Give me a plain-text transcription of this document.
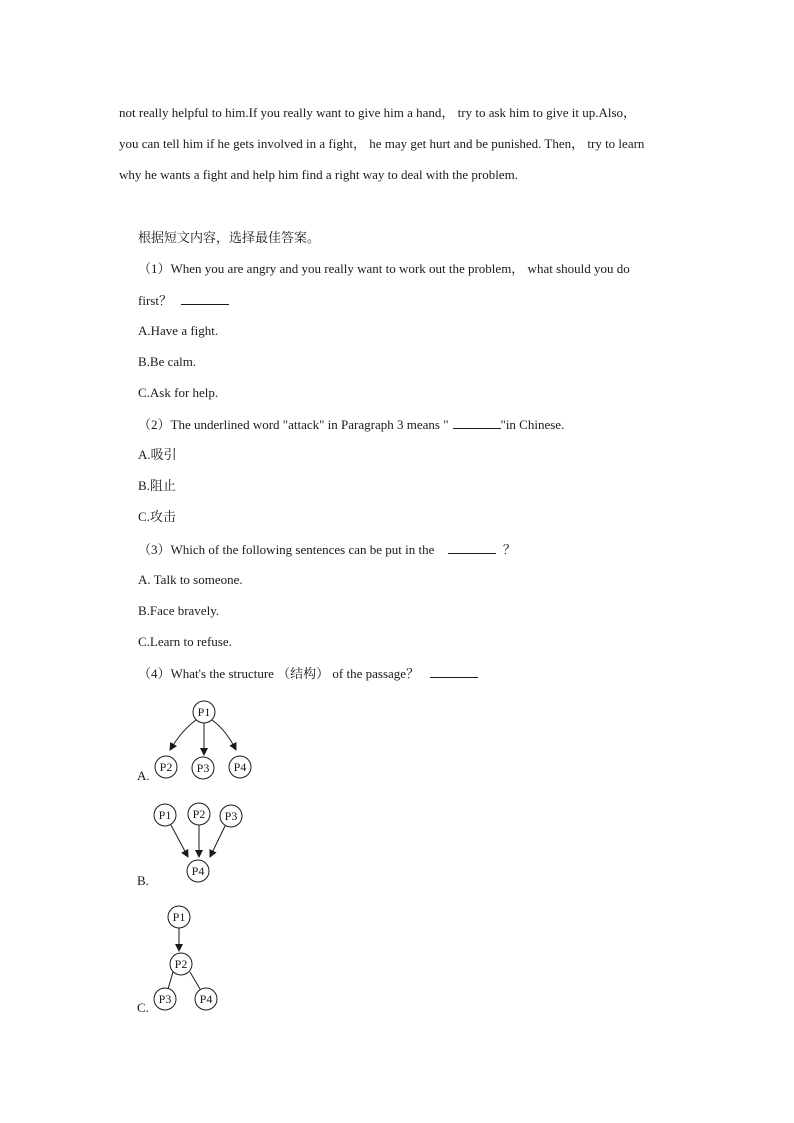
not really helpful to him.If you really want to give him a hand， try to ask him to give it up.Also，
you can tell him if he gets involved in a fight， he may get hurt and be punished. Then， try to learn
why he wants a fight and help him find a right way to deal with the problem.
根据短文内容，选择最佳答案。
（1）When you are angry and you really want to work out the problem， what should you do
first？
A.Have a fight.
B.Be calm.
C.Ask for help.
（2）The underlined word "attack" in Paragraph 3 means "	"in Chinese.
A.吸引
B.阻止
C.攻击
（3）Which of the following sentences can be put in the	？
A. Talk to someone.
B.Face bravely.
C.Learn to refuse.
（4）What's the structure （结构） of the passage？
A.
P1
P2 P3 P4
B.
P1 P2 P3
P4
C.
P1
P2
P3 P4
